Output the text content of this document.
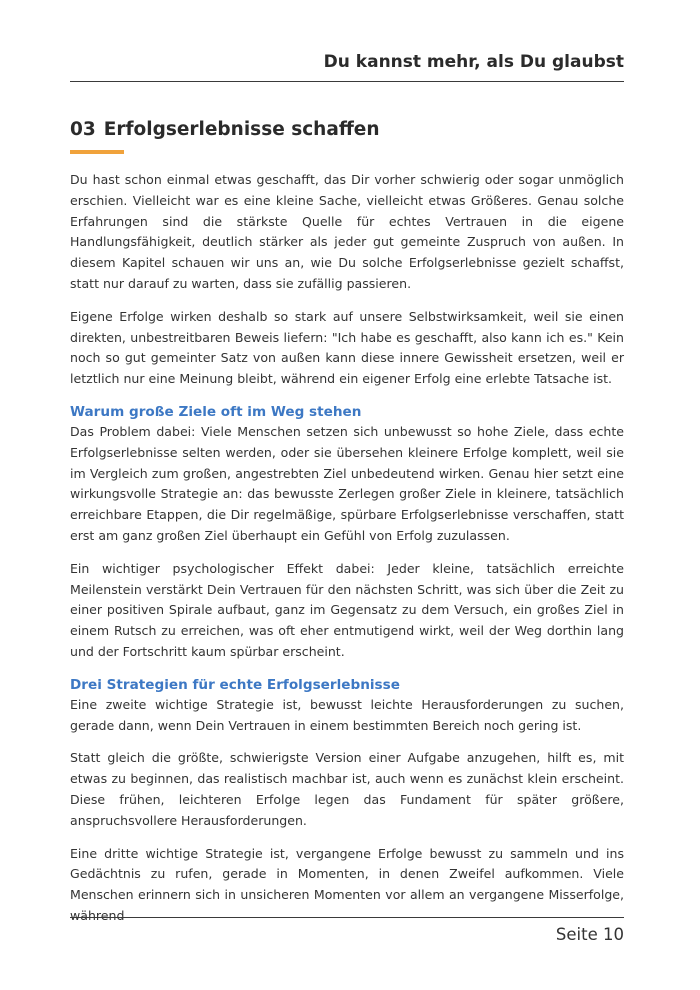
Du kannst mehr, als Du glaubst
03 Erfolgserlebnisse schaffen

Du hast schon einmal etwas geschafft, das Dir vorher schwierig oder sogar unmöglich erschien. Vielleicht war es eine kleine Sache, vielleicht etwas Größeres. Genau solche Erfahrungen sind die stärkste Quelle für echtes Vertrauen in die eigene Handlungsfähigkeit, deutlich stärker als jeder gut gemeinte Zuspruch von außen. In diesem Kapitel schauen wir uns an, wie Du solche Erfolgserlebnisse gezielt schaffst, statt nur darauf zu warten, dass sie zufällig passieren.

Eigene Erfolge wirken deshalb so stark auf unsere Selbstwirksamkeit, weil sie einen direkten, unbestreitbaren Beweis liefern: "Ich habe es geschafft, also kann ich es." Kein noch so gut gemeinter Satz von außen kann diese innere Gewissheit ersetzen, weil er letztlich nur eine Meinung bleibt, während ein eigener Erfolg eine erlebte Tatsache ist.

Warum große Ziele oft im Weg stehen

Das Problem dabei: Viele Menschen setzen sich unbewusst so hohe Ziele, dass echte Erfolgserlebnisse selten werden, oder sie übersehen kleinere Erfolge komplett, weil sie im Vergleich zum großen, angestrebten Ziel unbedeutend wirken. Genau hier setzt eine wirkungsvolle Strategie an: das bewusste Zerlegen großer Ziele in kleinere, tatsächlich erreichbare Etappen, die Dir regelmäßige, spürbare Erfolgserlebnisse verschaffen, statt erst am ganz großen Ziel überhaupt ein Gefühl von Erfolg zuzulassen.

Ein wichtiger psychologischer Effekt dabei: Jeder kleine, tatsächlich erreichte Meilenstein verstärkt Dein Vertrauen für den nächsten Schritt, was sich über die Zeit zu einer positiven Spirale aufbaut, ganz im Gegensatz zu dem Versuch, ein großes Ziel in einem Rutsch zu erreichen, was oft eher entmutigend wirkt, weil der Weg dorthin lang und der Fortschritt kaum spürbar erscheint.

Drei Strategien für echte Erfolgserlebnisse

Eine zweite wichtige Strategie ist, bewusst leichte Herausforderungen zu suchen, gerade dann, wenn Dein Vertrauen in einem bestimmten Bereich noch gering ist.

Statt gleich die größte, schwierigste Version einer Aufgabe anzugehen, hilft es, mit etwas zu beginnen, das realistisch machbar ist, auch wenn es zunächst klein erscheint. Diese frühen, leichteren Erfolge legen das Fundament für später größere, anspruchsvollere Herausforderungen.

Eine dritte wichtige Strategie ist, vergangene Erfolge bewusst zu sammeln und ins Gedächtnis zu rufen, gerade in Momenten, in denen Zweifel aufkommen. Viele Menschen erinnern sich in unsicheren Momenten vor allem an vergangene Misserfolge, während

Seite 10
